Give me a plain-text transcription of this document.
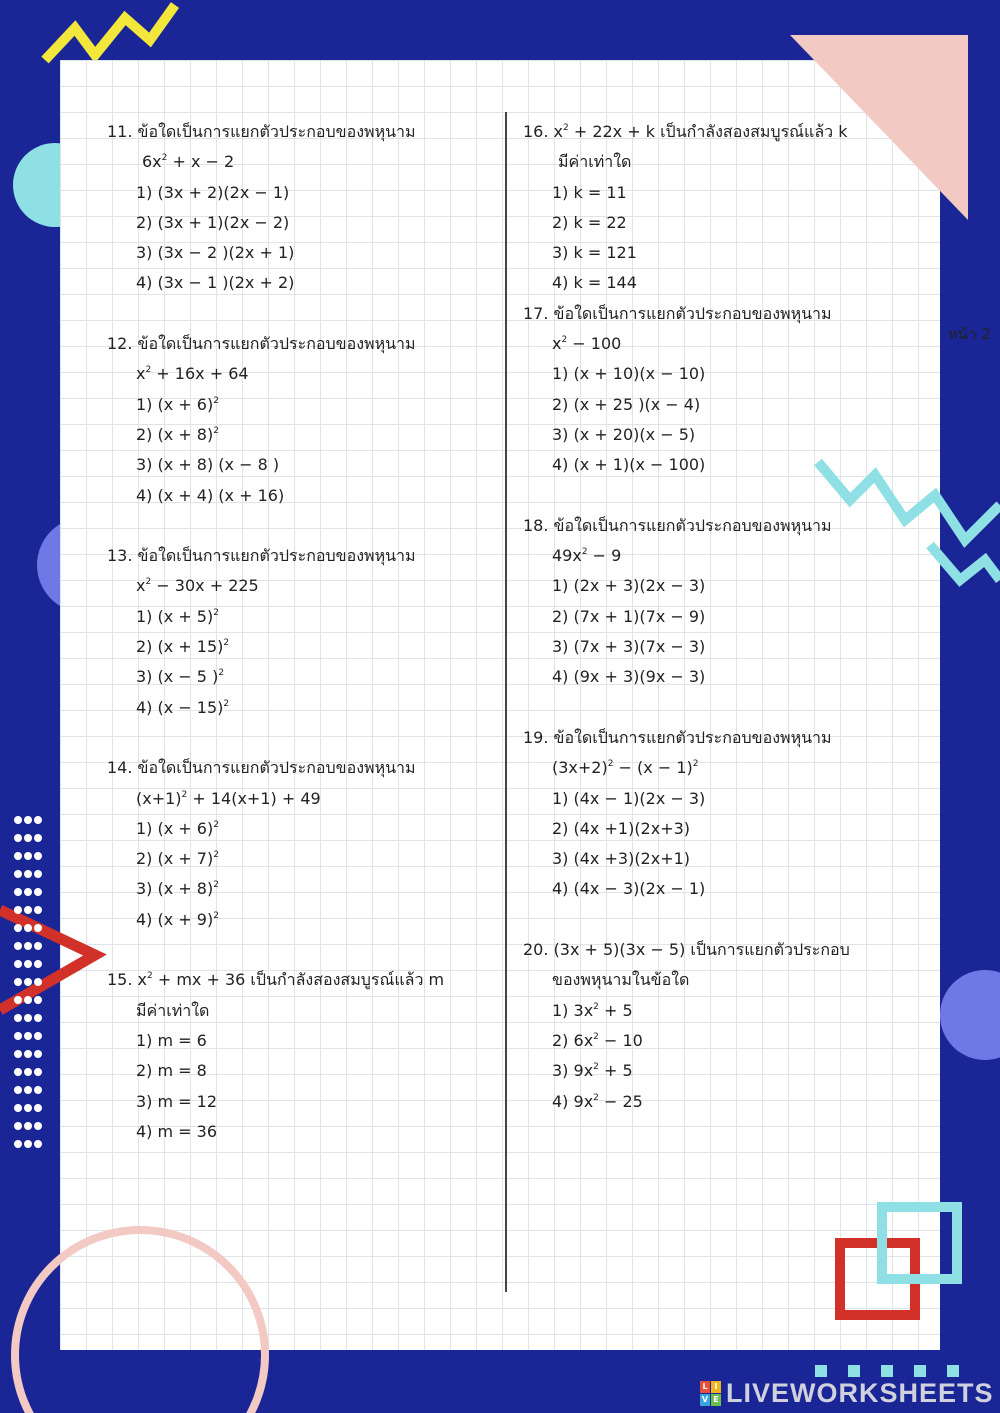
11. ข้อใดเป็นการแยกตัวประกอบของพหุนาม
$6x^2 + x - 2$
1) (3x + 2)(2x − 1)
2) (3x + 1)(2x − 2)
3) (3x − 2 )(2x + 1)
4) (3x − 1 )(2x + 2)
12. ข้อใดเป็นการแยกตัวประกอบของพหุนาม
$x^2 + 16x + 64$
1) $(x + 6)^2$
2) $(x + 8)^2$
3) (x + 8) (x − 8 )
4) (x + 4) (x + 16)
13. ข้อใดเป็นการแยกตัวประกอบของพหุนาม
$x^2 - 30x + 225$
1) $(x + 5)^2$
2) $(x + 15)^2$
3) (x − 5 )$^2$
4) $(x - 15)^2$
14. ข้อใดเป็นการแยกตัวประกอบของพหุนาม
$(x+1)^2 + 14(x+1) + 49$
1) $(x + 6)^2$
2) $(x + 7)^2$
3) $(x + 8)^2$
4) $(x + 9)^2$
15. $x^2$ + mx + 36 เป็นกำลังสองสมบูรณ์แล้ว m
มีค่าเท่าใด
1) m = 6
2) m = 8
3) m = 12
4) m = 36
16. $x^2 + 22x + k$ เป็นกำลังสองสมบูรณ์แล้ว k
มีค่าเท่าใด
1) k = 11
2) k = 22
3) k = 121
4) k = 144
17. ข้อใดเป็นการแยกตัวประกอบของพหุนาม
$x^2 - 100$
1) (x + 10)(x − 10)
2) (x + 25 )(x − 4)
3) (x + 20)(x − 5)
4) (x + 1)(x − 100)
18. ข้อใดเป็นการแยกตัวประกอบของพหุนาม
$49x^2 - 9$
1) (2x + 3)(2x − 3)
2) (7x + 1)(7x − 9)
3) (7x + 3)(7x − 3)
4) (9x + 3)(9x − 3)
19. ข้อใดเป็นการแยกตัวประกอบของพหุนาม
$(3x+2)^2 - (x - 1)^2$
1) (4x − 1)(2x − 3)
2) (4x +1)(2x+3)
3) (4x +3)(2x+1)
4) (4x − 3)(2x − 1)
20. (3x + 5)(3x − 5) เป็นการแยกตัวประกอบ
ของพหุนามในข้อใด
1) $3x^2 + 5$
2) $6x^2 - 10$
3) $9x^2 + 5$
4) $9x^2 - 25$
หน้า 2
L I
V E LIVEWORKSHEETS
